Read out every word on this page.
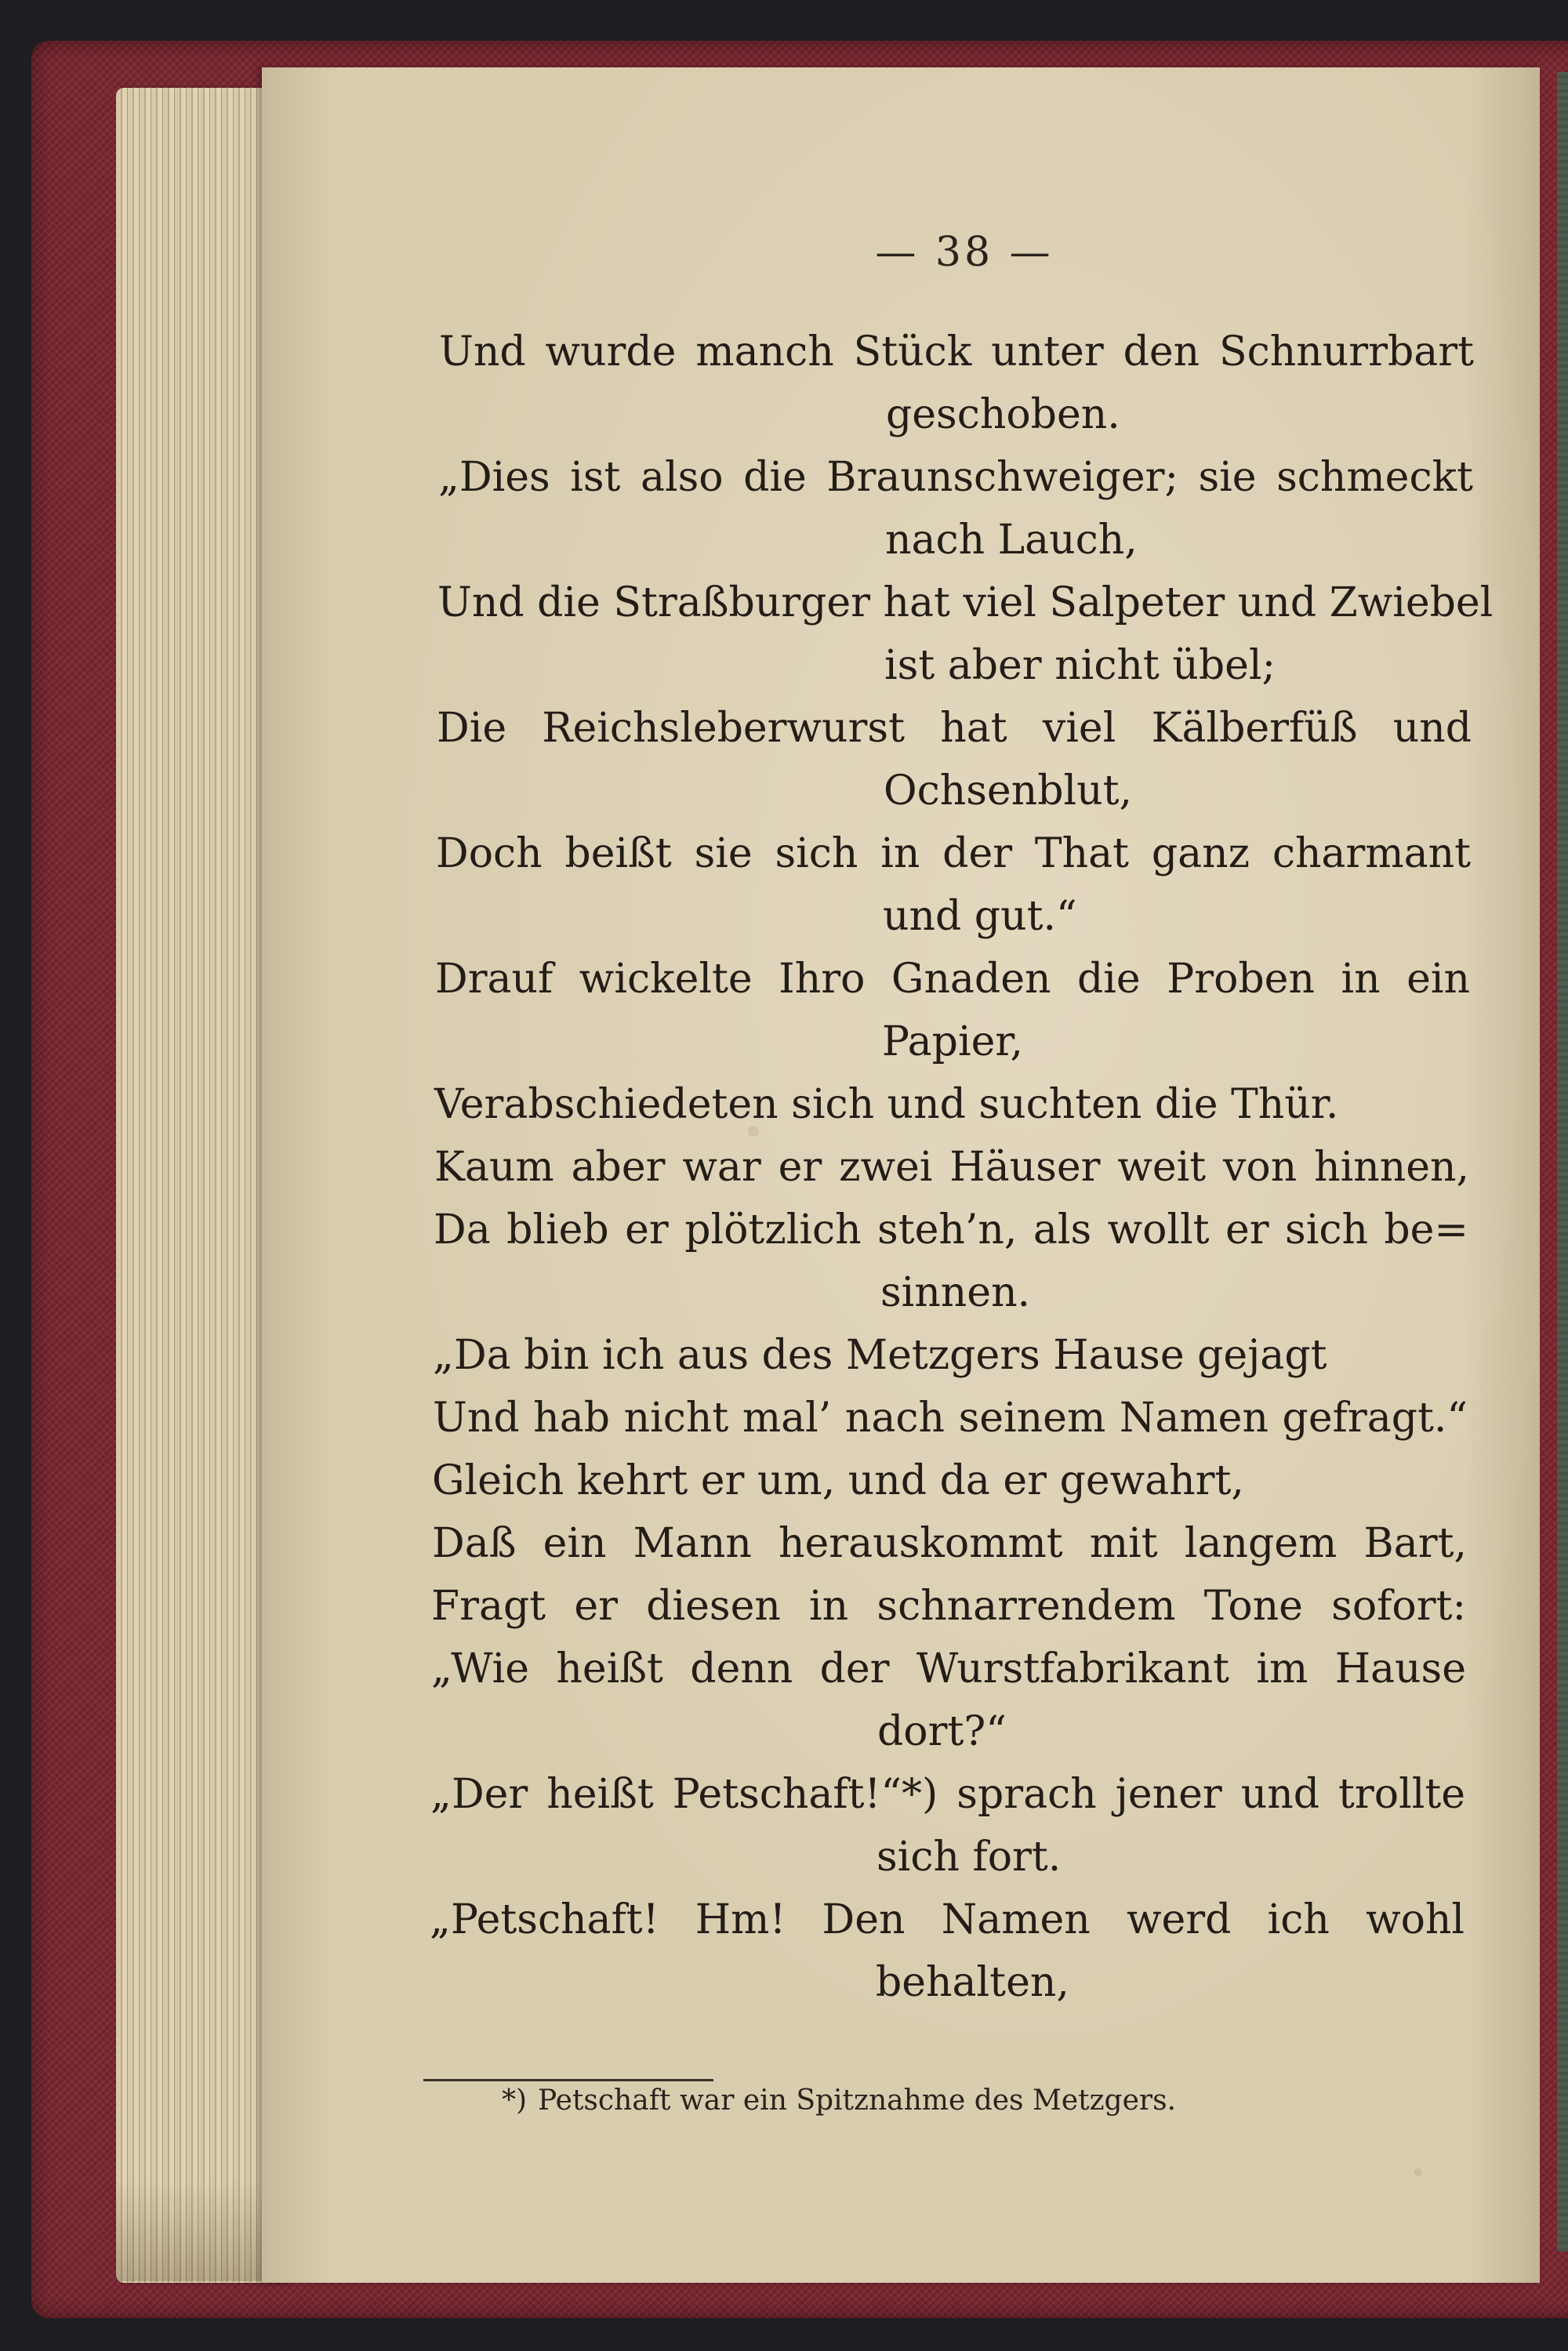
— 38 —
Und wurde manch Stück unter den Schnurrbart
geschoben.
„Dies ist also die Braunschweiger; sie schmeckt
nach Lauch,
Und die Straßburger hat viel Salpeter und Zwiebel
ist aber nicht übel;
Die Reichsleberwurst hat viel Kälberfüß und
Ochsenblut,
Doch beißt sie sich in der That ganz charmant
und gut.“
Drauf wickelte Ihro Gnaden die Proben in ein
Papier,
Verabschiedeten sich und suchten die Thür.
Kaum aber war er zwei Häuser weit von hinnen,
Da blieb er plötzlich steh’n, als wollt er sich be=
sinnen.
„Da bin ich aus des Metzgers Hause gejagt
Und hab nicht mal’ nach seinem Namen gefragt.“
Gleich kehrt er um, und da er gewahrt,
Daß ein Mann herauskommt mit langem Bart,
Fragt er diesen in schnarrendem Tone sofort:
„Wie heißt denn der Wurstfabrikant im Hause
dort?“
„Der heißt Petschaft!“*) sprach jener und trollte
sich fort.
„Petschaft! Hm! Den Namen werd ich wohl
behalten,
*) Petschaft war ein Spitznahme des Metzgers.
